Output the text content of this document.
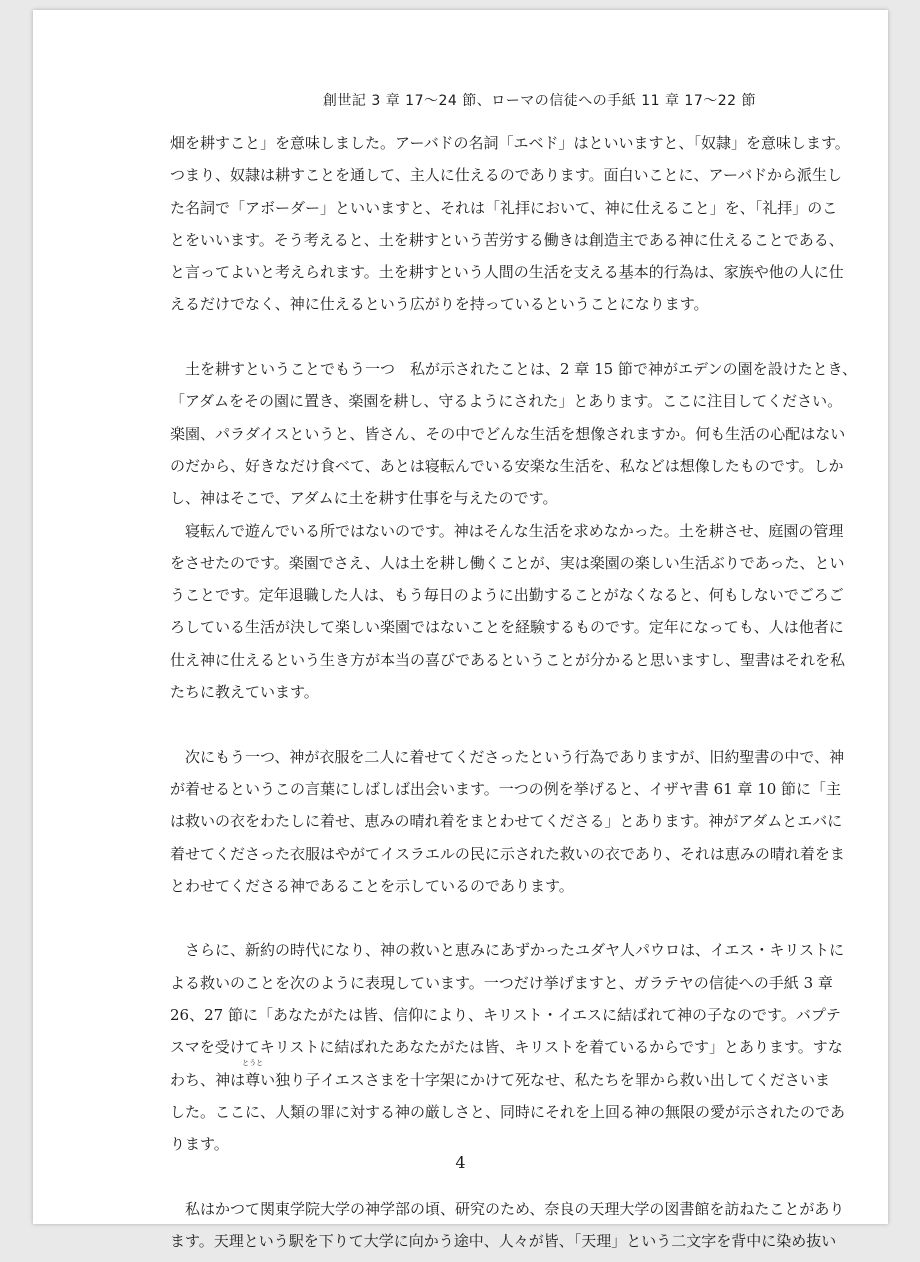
創世記 3 章 17〜24 節、ローマの信徒への手紙 11 章 17〜22 節
畑を耕すこと」を意味しました。アーバドの名詞「エベド」はといいますと、「奴隷」を意味します。
つまり、奴隷は耕すことを通して、主人に仕えるのであります。面白いことに、アーバドから派生し
た名詞で「アボーダー」といいますと、それは「礼拝において、神に仕えること」を、「礼拝」のこ
とをいいます。そう考えると、土を耕すという苦労する働きは創造主である神に仕えることである、
と言ってよいと考えられます。土を耕すという人間の生活を支える基本的行為は、家族や他の人に仕
えるだけでなく、神に仕えるという広がりを持っているということになります。
土を耕すということでもう一つ　私が示されたことは、2 章 15 節で神がエデンの園を設けたとき、
「アダムをその園に置き、楽園を耕し、守るようにされた」とあります。ここに注目してください。
楽園、パラダイスというと、皆さん、その中でどんな生活を想像されますか。何も生活の心配はない
のだから、好きなだけ食べて、あとは寝転んでいる安楽な生活を、私などは想像したものです。しか
し、神はそこで、アダムに土を耕す仕事を与えたのです。
寝転んで遊んでいる所ではないのです。神はそんな生活を求めなかった。土を耕させ、庭園の管理
をさせたのです。楽園でさえ、人は土を耕し働くことが、実は楽園の楽しい生活ぶりであった、とい
うことです。定年退職した人は、もう毎日のように出勤することがなくなると、何もしないでごろご
ろしている生活が決して楽しい楽園ではないことを経験するものです。定年になっても、人は他者に
仕え神に仕えるという生き方が本当の喜びであるということが分かると思いますし、聖書はそれを私
たちに教えています。
次にもう一つ、神が衣服を二人に着せてくださったという行為でありますが、旧約聖書の中で、神
が着せるというこの言葉にしばしば出会います。一つの例を挙げると、イザヤ書 61 章 10 節に「主
は救いの衣をわたしに着せ、恵みの晴れ着をまとわせてくださる」とあります。神がアダムとエバに
着せてくださった衣服はやがてイスラエルの民に示された救いの衣であり、それは恵みの晴れ着をま
とわせてくださる神であることを示しているのであります。
さらに、新約の時代になり、神の救いと恵みにあずかったユダヤ人パウロは、イエス・キリストに
よる救いのことを次のように表現しています。一つだけ挙げますと、ガラテヤの信徒への手紙 3 章
26、27 節に「あなたがたは皆、信仰により、キリスト・イエスに結ばれて神の子なのです。バプテ
スマを受けてキリストに結ばれたあなたがたは皆、キリストを着ているからです」とあります。すな
わち、神は
とうと
尊い独り子イエスさまを十字架にかけて死なせ、私たちを罪から救い出してくださいま
した。ここに、人類の罪に対する神の厳しさと、同時にそれを上回る神の無限の愛が示されたのであ
ります。
私はかつて関東学院大学の神学部の頃、研究のため、奈良の天理大学の図書館を訪ねたことがあり
ます。天理という駅を下りて大学に向かう途中、人々が皆、「天理」という二文字を背中に染め抜い
4
